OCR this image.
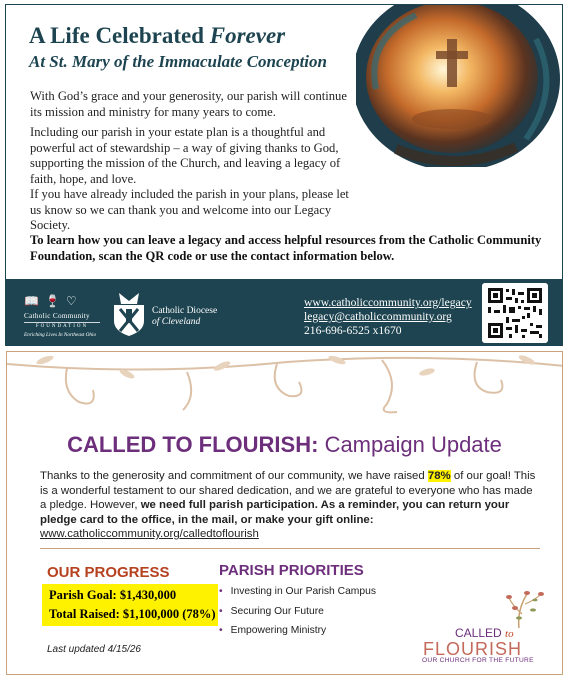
A Life Celebrated Forever
At St. Mary of the Immaculate Conception
With God’s grace and your generosity, our parish will continue its mission and ministry for many years to come.
Including our parish in your estate plan is a thoughtful and powerful act of stewardship – a way of giving thanks to God, supporting the mission of the Church, and leaving a legacy of faith, hope, and love.
If you have already included the parish in your plans, please let us know so we can thank you and welcome into our Legacy Society.
To learn how you can leave a legacy and access helpful resources from the Catholic Community Foundation, scan the QR code or use the contact information below.
📖 🍷 ♡
Catholic Community
FOUNDATION
Enriching Lives In Northeast Ohio
Catholic Diocese
of Cleveland
www.catholiccommunity.org/legacy
legacy@catholiccommunity.org
216-696-6525 x1670
CALLED TO FLOURISH: Campaign Update
Thanks to the generosity and commitment of our community, we have raised 78% of our goal! This is a wonderful testament to our shared dedication, and we are grateful to everyone who has made a pledge. However, we need full parish participation. As a reminder, you can return your pledge card to the office, in the mail, or make your gift online:
www.catholiccommunity.org/calledtoflourish
OUR PROGRESS
Parish Goal: $1,430,000
Total Raised: $1,100,000 (78%)
Last updated 4/15/26
PARISH PRIORITIES
• Investing in Our Parish Campus
• Securing Our Future
• Empowering Ministry	CALLED to
FLOURISH
OUR CHURCH FOR THE FUTURE
